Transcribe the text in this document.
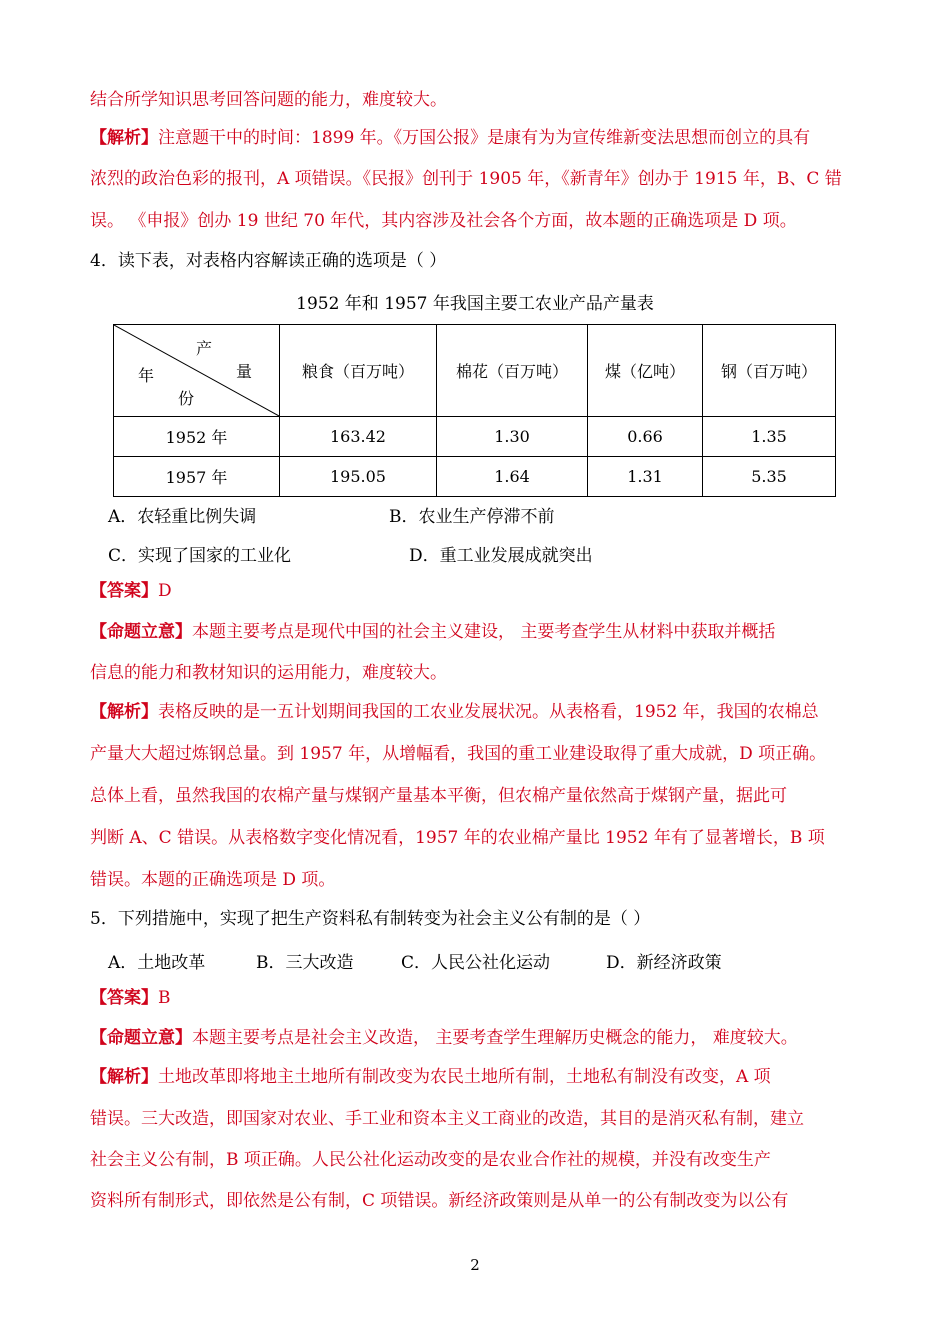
结合所学知识思考回答问题的能力，难度较大。
【解析】注意题干中的时间：1899 年。《万国公报》是康有为为宣传维新变法思想而创立的具有
浓烈的政治色彩的报刊，A 项错误。《民报》创刊于 1905 年，《新青年》创办于 1915 年，B、C 错
误。 《申报》创办 19 世纪 70 年代，其内容涉及社会各个方面，故本题的正确选项是 D 项。
4．读下表，对表格内容解读正确的选项是（ ）
1952 年和 1957 年我国主要工农业产品产量表
产
量
年
份	粮食（百万吨）	棉花（百万吨）	煤（亿吨）	钢（百万吨）
1952 年	163.42	1.30	0.66	1.35
1957 年	195.05	1.64	1.31	5.35
A．农轻重比例失调	B．农业生产停滞不前
C．实现了国家的工业化	D．重工业发展成就突出
【答案】D
【命题立意】本题主要考点是现代中国的社会主义建设， 主要考查学生从材料中获取并概括
信息的能力和教材知识的运用能力，难度较大。
【解析】表格反映的是一五计划期间我国的工农业发展状况。从表格看，1952 年，我国的农棉总
产量大大超过炼钢总量。到 1957 年，从增幅看，我国的重工业建设取得了重大成就，D 项正确。
总体上看，虽然我国的农棉产量与煤钢产量基本平衡，但农棉产量依然高于煤钢产量，据此可
判断 A、C 错误。从表格数字变化情况看，1957 年的农业棉产量比 1952 年有了显著增长，B 项
错误。本题的正确选项是 D 项。
5．下列措施中，实现了把生产资料私有制转变为社会主义公有制的是（ ）
A．土地改革	B．三大改造	C．人民公社化运动	D．新经济政策
【答案】B
【命题立意】本题主要考点是社会主义改造， 主要考查学生理解历史概念的能力， 难度较大。
【解析】土地改革即将地主土地所有制改变为农民土地所有制，土地私有制没有改变，A 项
错误。三大改造，即国家对农业、手工业和资本主义工商业的改造，其目的是消灭私有制，建立
社会主义公有制，B 项正确。人民公社化运动改变的是农业合作社的规模，并没有改变生产
资料所有制形式，即依然是公有制，C 项错误。新经济政策则是从单一的公有制改变为以公有
2
